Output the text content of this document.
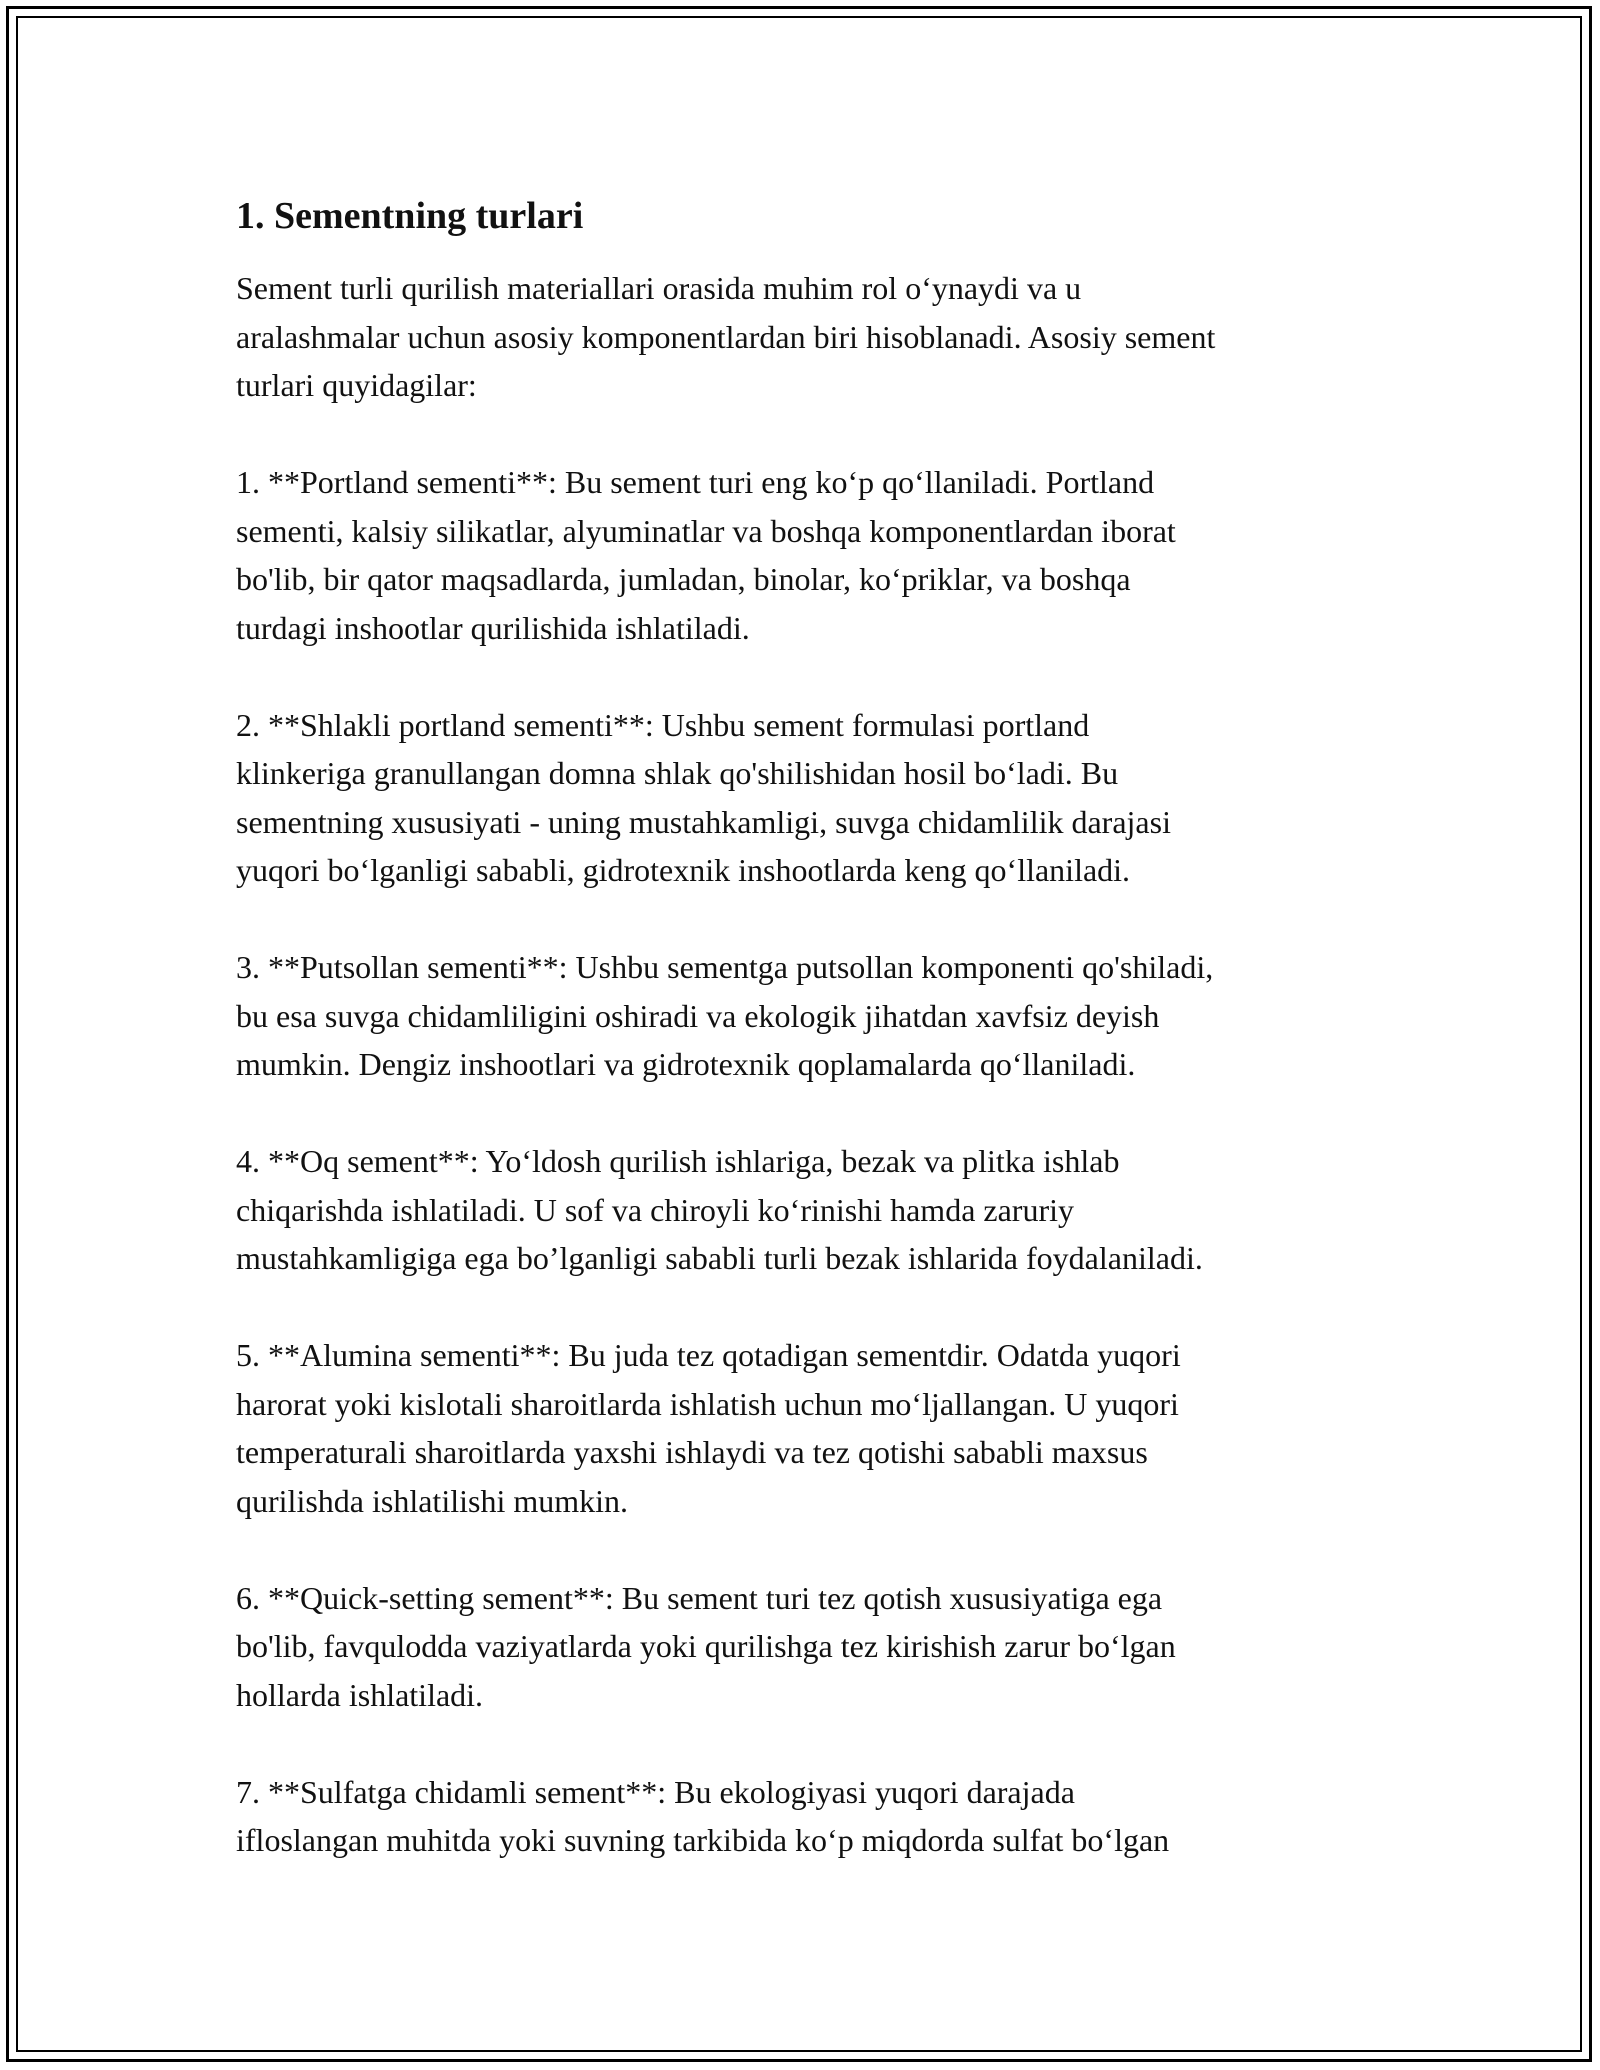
1. Sementning turlari
Sement turli qurilish materiallari orasida muhim rol o‘ynaydi va u
aralashmalar uchun asosiy komponentlardan biri hisoblanadi. Asosiy sement
turlari quyidagilar:
1. **Portland sementi**: Bu sement turi eng ko‘p qo‘llaniladi. Portland
sementi, kalsiy silikatlar, alyuminatlar va boshqa komponentlardan iborat
bo'lib, bir qator maqsadlarda, jumladan, binolar, ko‘priklar, va boshqa
turdagi inshootlar qurilishida ishlatiladi.
2. **Shlakli portland sementi**: Ushbu sement formulasi portland
klinkeriga granullangan domna shlak qo'shilishidan hosil bo‘ladi. Bu
sementning xususiyati - uning mustahkamligi, suvga chidamlilik darajasi
yuqori bo‘lganligi sababli, gidrotexnik inshootlarda keng qo‘llaniladi.
3. **Putsollan sementi**: Ushbu sementga putsollan komponenti qo'shiladi,
bu esa suvga chidamliligini oshiradi va ekologik jihatdan xavfsiz deyish
mumkin. Dengiz inshootlari va gidrotexnik qoplamalarda qo‘llaniladi.
4. **Oq sement**: Yo‘ldosh qurilish ishlariga, bezak va plitka ishlab
chiqarishda ishlatiladi. U sof va chiroyli ko‘rinishi hamda zaruriy
mustahkamligiga ega bo’lganligi sababli turli bezak ishlarida foydalaniladi.
5. **Alumina sementi**: Bu juda tez qotadigan sementdir. Odatda yuqori
harorat yoki kislotali sharoitlarda ishlatish uchun mo‘ljallangan. U yuqori
temperaturali sharoitlarda yaxshi ishlaydi va tez qotishi sababli maxsus
qurilishda ishlatilishi mumkin.
6. **Quick-setting sement**: Bu sement turi tez qotish xususiyatiga ega
bo'lib, favqulodda vaziyatlarda yoki qurilishga tez kirishish zarur bo‘lgan
hollarda ishlatiladi.
7. **Sulfatga chidamli sement**: Bu ekologiyasi yuqori darajada
ifloslangan muhitda yoki suvning tarkibida ko‘p miqdorda sulfat bo‘lgan
